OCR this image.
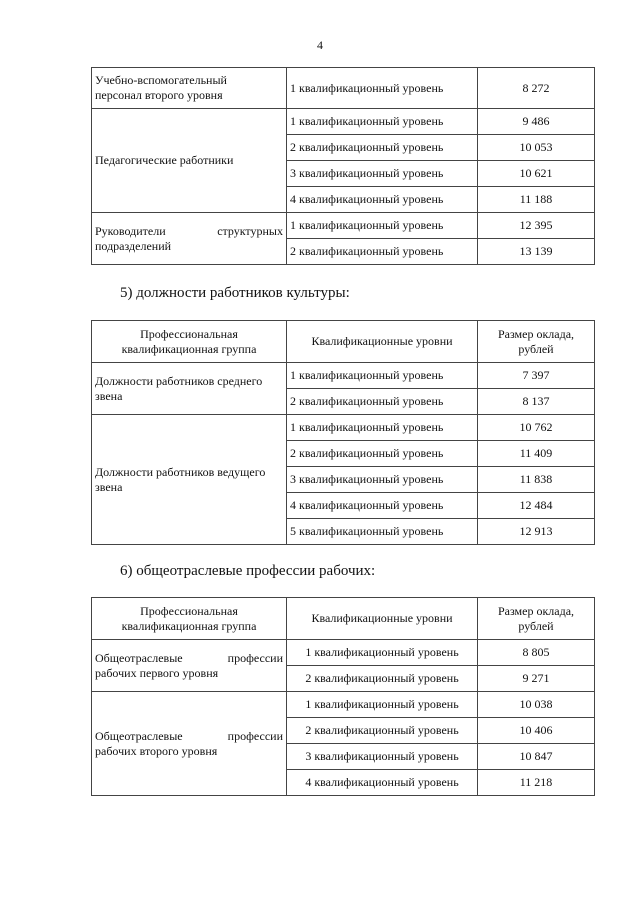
4
Учебно-вспомогательный
персонал второго уровня	1 квалификационный уровень	8 272
Педагогические работники	1 квалификационный уровень	9 486
	2 квалификационный уровень	10 053
	3 квалификационный уровень	10 621
	4 квалификационный уровень	11 188

Руководители структурных
подразделений	1 квалификационный уровень	12 395
	2 квалификационный уровень	13 139
5) должности работников культуры:
Профессиональная
квалификационная группа	Квалификационные уровни	Размер оклада,
рублей
Должности работников среднего
звена	1 квалификационный уровень	7 397
	2 квалификационный уровень	8 137
Должности работников ведущего
звена	1 квалификационный уровень	10 762
	2 квалификационный уровень	11 409
	3 квалификационный уровень	11 838
	4 квалификационный уровень	12 484
	5 квалификационный уровень	12 913
6) общеотраслевые профессии рабочих:
Профессиональная
квалификационная группа	Квалификационные уровни	Размер оклада,
рублей

Общеотраслевые профессии
рабочих первого уровня	1 квалификационный уровень	8 805
	2 квалификационный уровень	9 271

Общеотраслевые профессии
рабочих второго уровня	1 квалификационный уровень	10 038
	2 квалификационный уровень	10 406
	3 квалификационный уровень	10 847
	4 квалификационный уровень	11 218
